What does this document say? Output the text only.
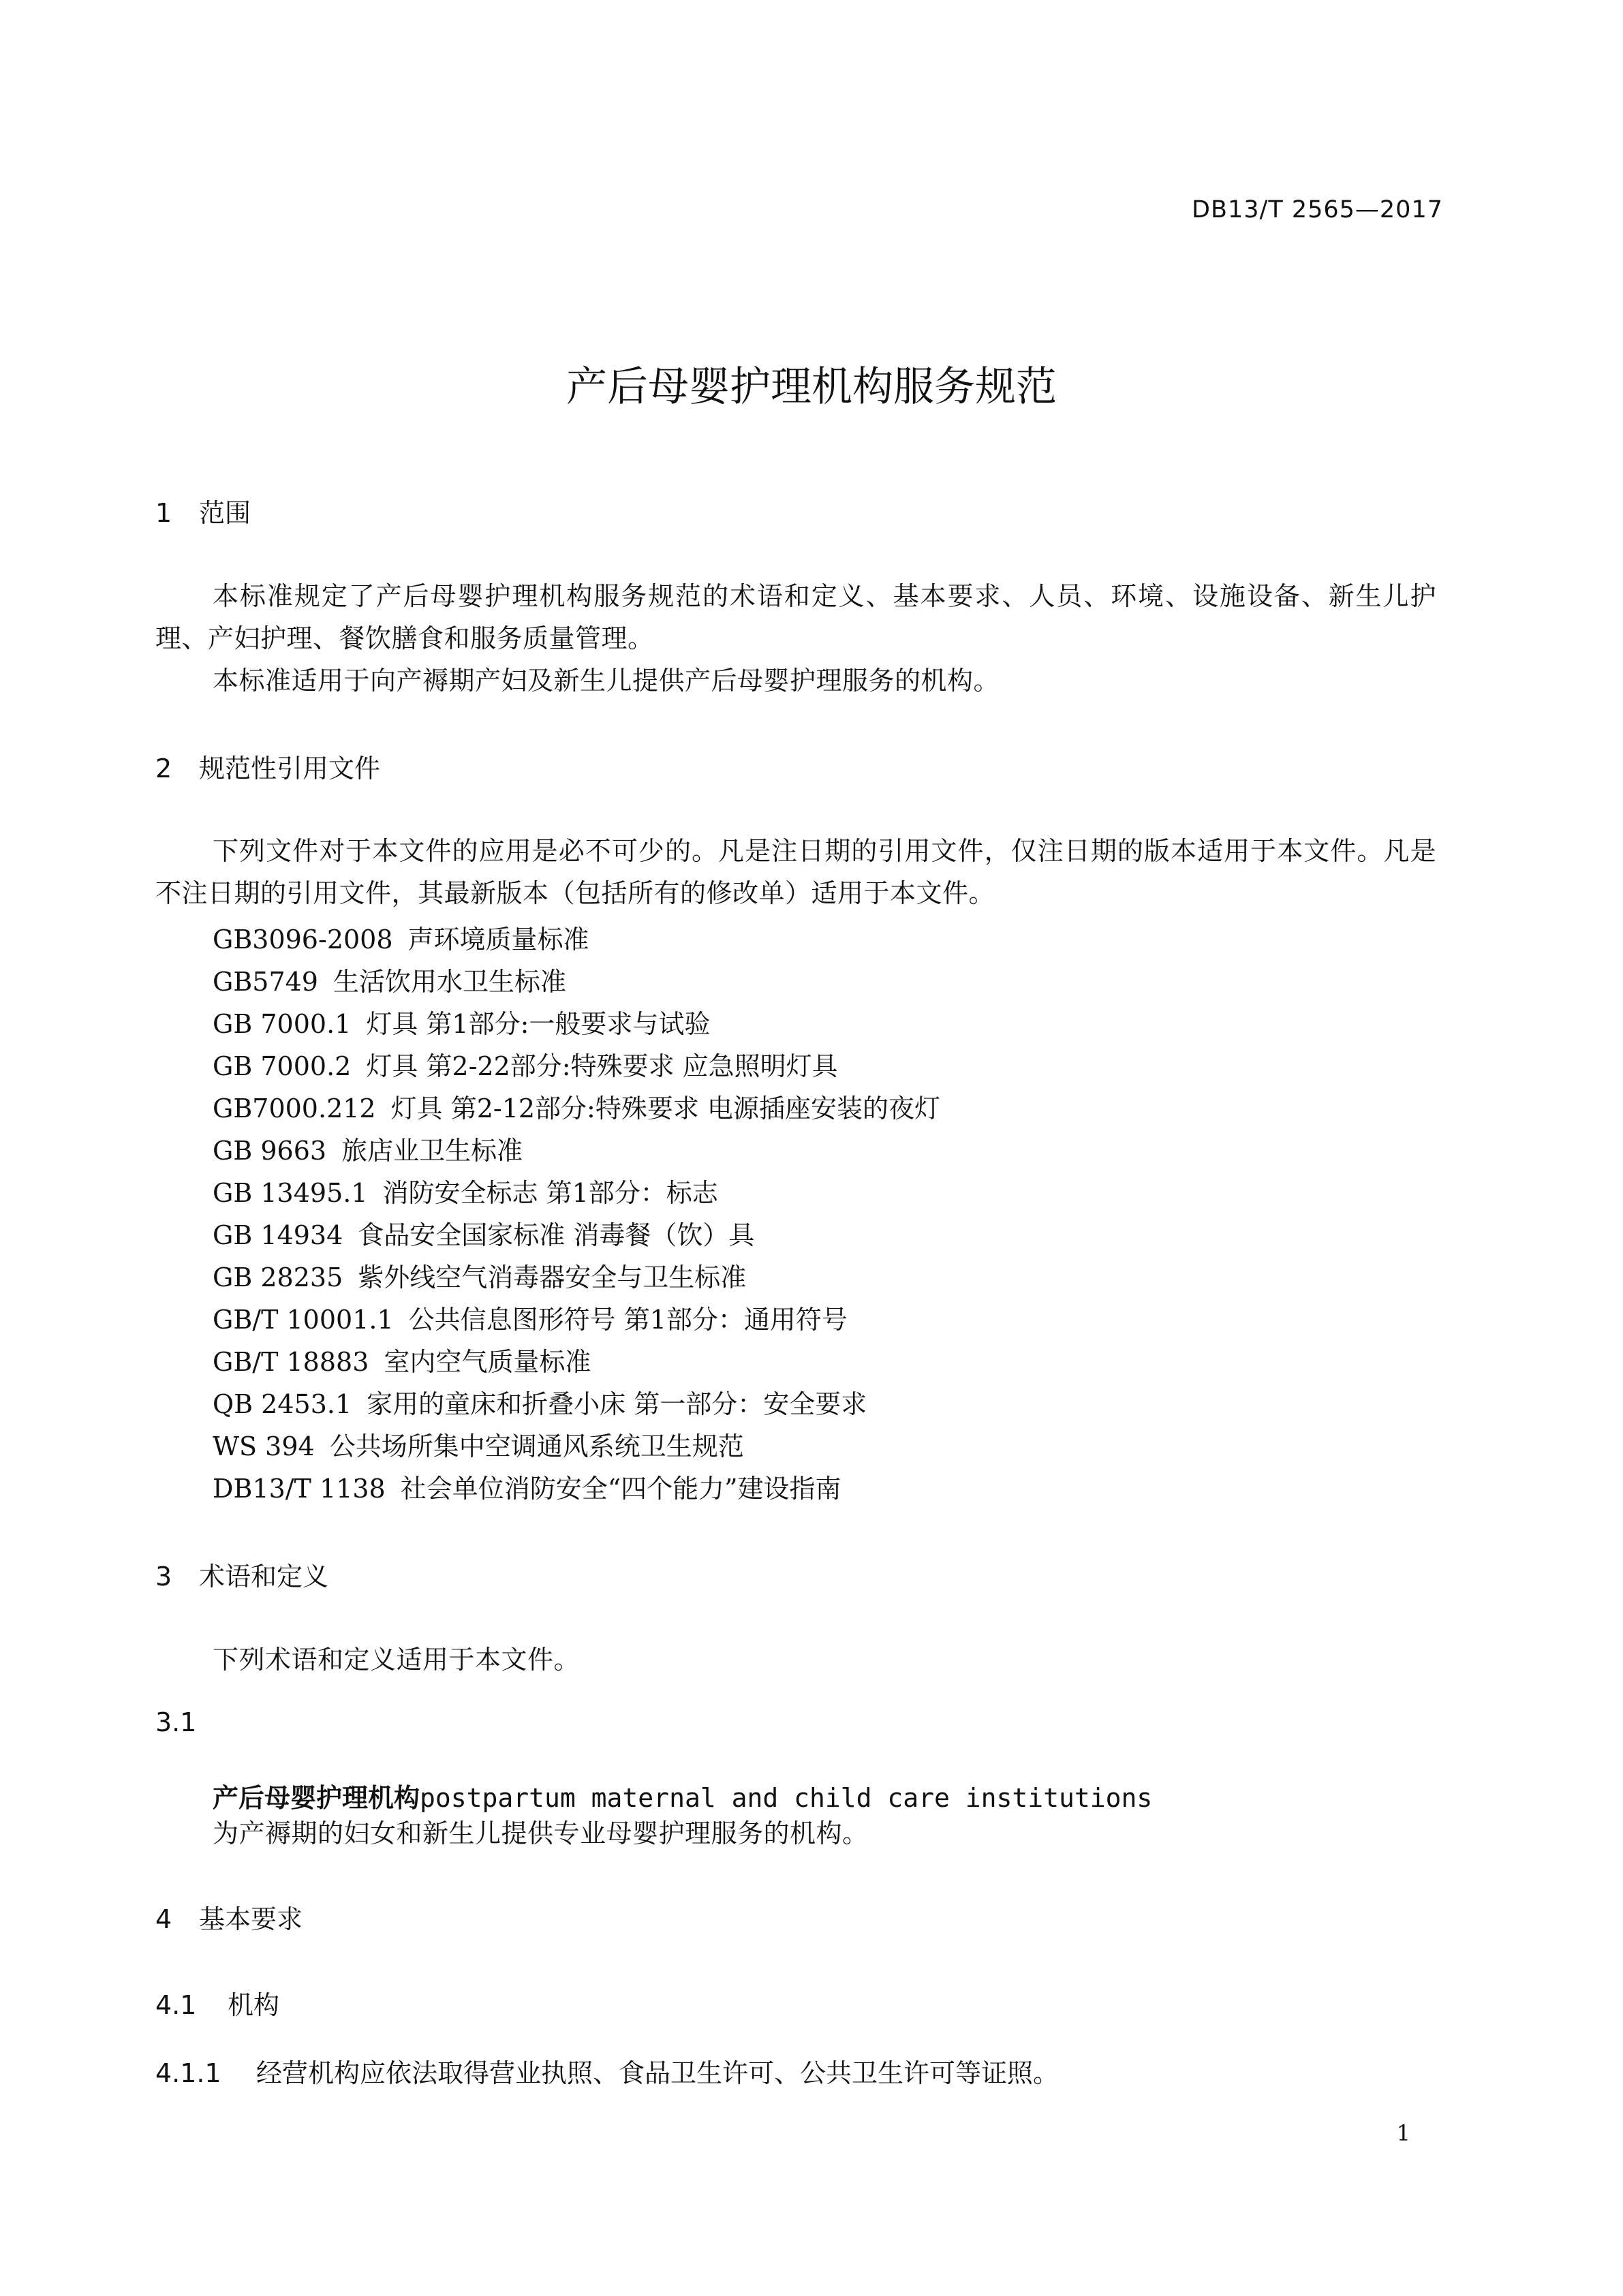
DB13/T 2565—2017
产后母婴护理机构服务规范
1 范围
本标准规定了产后母婴护理机构服务规范的术语和定义、基本要求、人员、环境、设施设备、新生儿护理、产妇护理、餐饮膳食和服务质量管理。
本标准适用于向产褥期产妇及新生儿提供产后母婴护理服务的机构。
2 规范性引用文件
下列文件对于本文件的应用是必不可少的。凡是注日期的引用文件，仅注日期的版本适用于本文件。凡是不注日期的引用文件，其最新版本（包括所有的修改单）适用于本文件。
GB3096-2008 声环境质量标准
GB5749 生活饮用水卫生标准
GB 7000.1 灯具 第1部分:一般要求与试验
GB 7000.2 灯具 第2-22部分:特殊要求 应急照明灯具
GB7000.212 灯具 第2-12部分:特殊要求 电源插座安装的夜灯
GB 9663 旅店业卫生标准
GB 13495.1 消防安全标志 第1部分：标志
GB 14934 食品安全国家标准 消毒餐（饮）具
GB 28235 紫外线空气消毒器安全与卫生标准
GB/T 10001.1 公共信息图形符号 第1部分：通用符号
GB/T 18883 室内空气质量标准
QB 2453.1 家用的童床和折叠小床 第一部分：安全要求
WS 394 公共场所集中空调通风系统卫生规范
DB13/T 1138 社会单位消防安全“四个能力”建设指南
3 术语和定义
下列术语和定义适用于本文件。
3.1
产后母婴护理机构postpartum maternal and child care institutions
为产褥期的妇女和新生儿提供专业母婴护理服务的机构。
4 基本要求
4.1 机构
4.1.1 经营机构应依法取得营业执照、食品卫生许可、公共卫生许可等证照。
1
